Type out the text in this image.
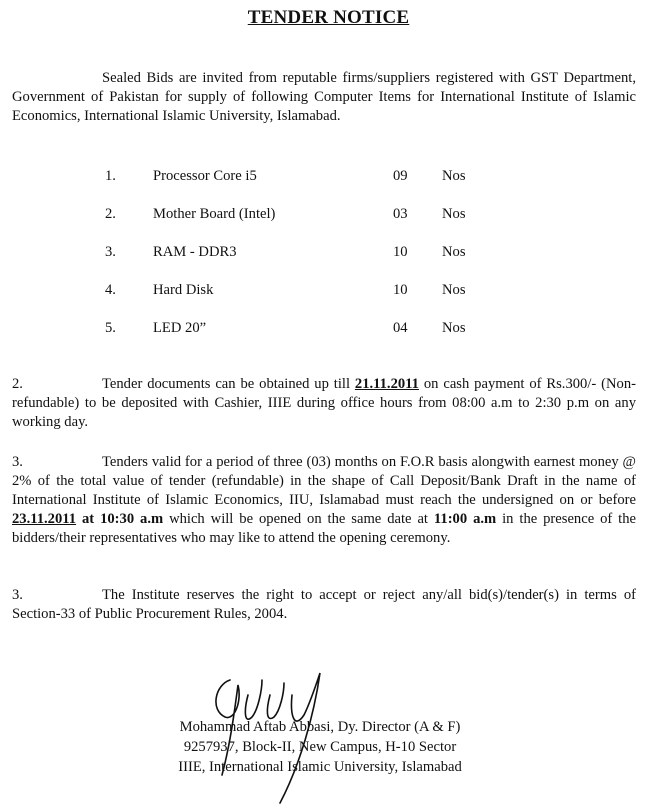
TENDER NOTICE
Sealed Bids are invited from reputable firms/suppliers registered with GST Department, Government of Pakistan for supply of following Computer Items for International Institute of Islamic Economics, International Islamic University, Islamabad.
1.	Processor Core i5	09 Nos
2.	Mother Board (Intel)	03 Nos
3.	RAM - DDR3	10 Nos
4.	Hard Disk	10 Nos
5.	LED 20”	04 Nos
2.	Tender documents can be obtained up till 21.11.2011 on cash payment of Rs.300/- (Non-refundable) to be deposited with Cashier, IIIE during office hours from 08:00 a.m to 2:30 p.m on any working day.
3.	Tenders valid for a period of three (03) months on F.O.R basis alongwith earnest money @ 2% of the total value of tender (refundable) in the shape of Call Deposit/Bank Draft in the name of International Institute of Islamic Economics, IIU, Islamabad must reach the undersigned on or before 23.11.2011 at 10:30 a.m which will be opened on the same date at 11:00 a.m in the presence of the bidders/their representatives who may like to attend the opening ceremony.
3.	The Institute reserves the right to accept or reject any/all bid(s)/tender(s) in terms of Section-33 of Public Procurement Rules, 2004.
Mohammad Aftab Abbasi, Dy. Director (A & F)
9257937, Block-II, New Campus, H-10 Sector
IIIE, International Islamic University, Islamabad
